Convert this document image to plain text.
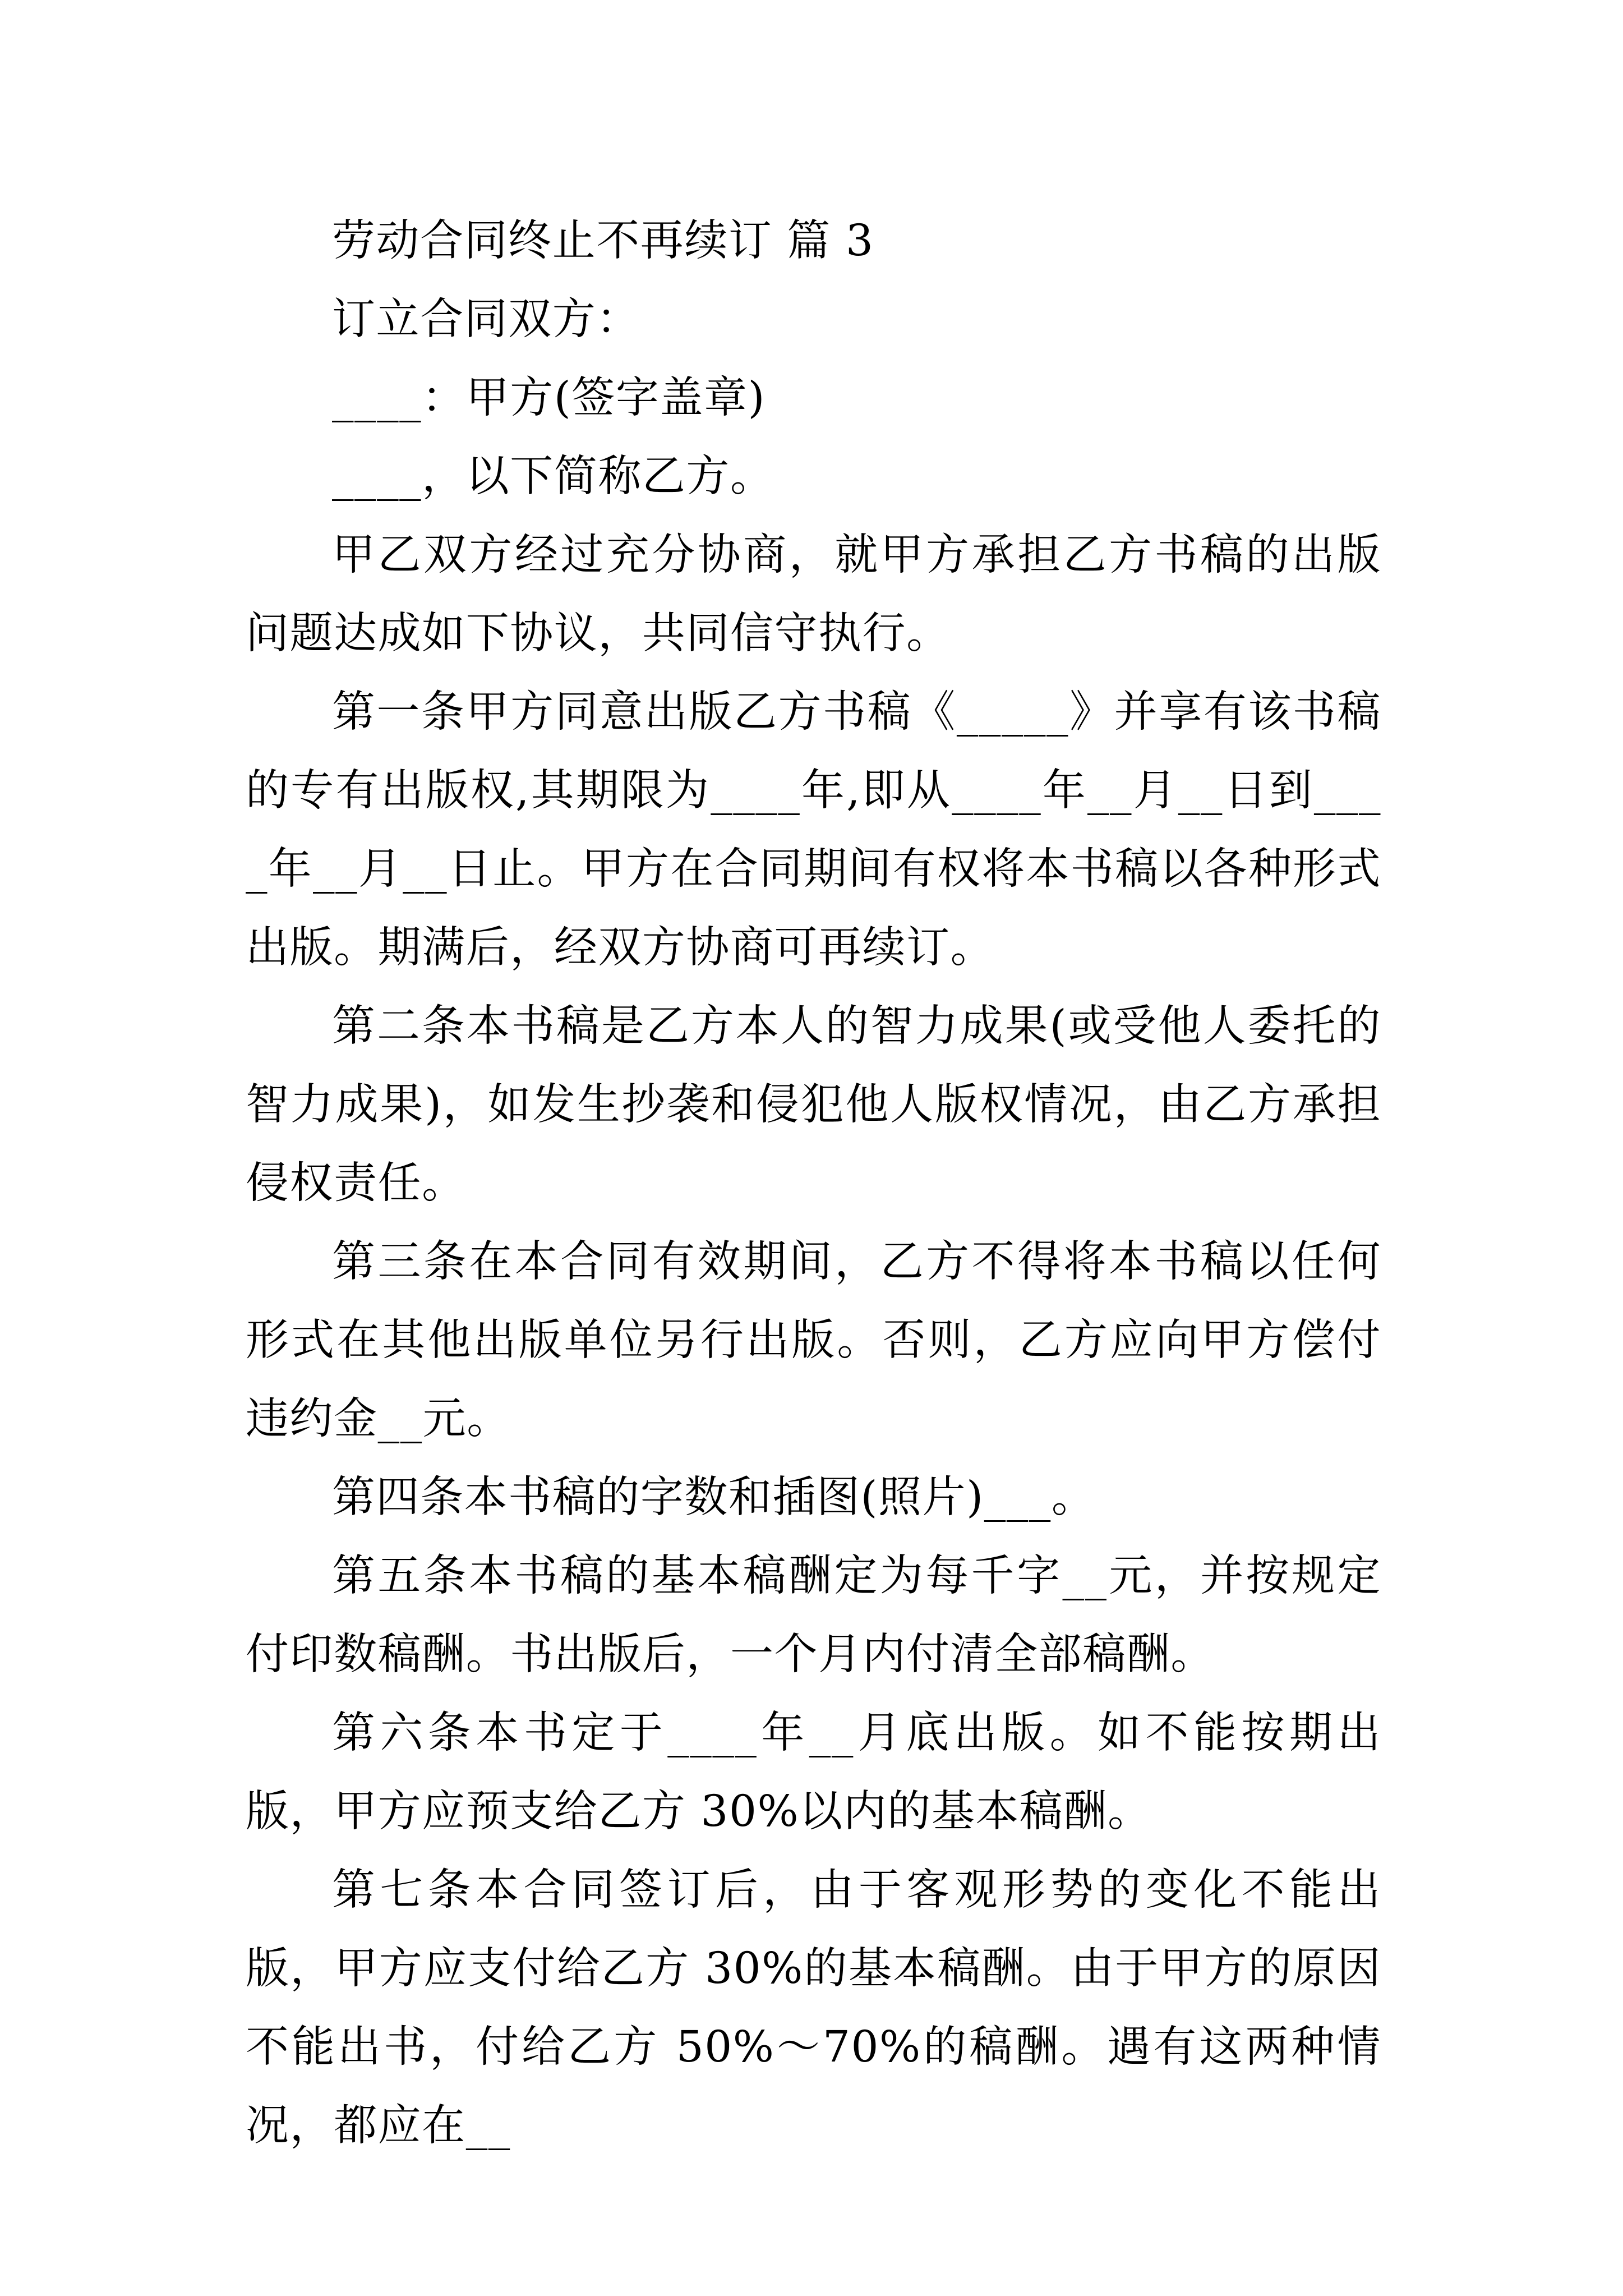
劳动合同终止不再续订 篇 3

订立合同双方：

____：甲方(签字盖章)

____，以下简称乙方。

甲乙双方经过充分协商，就甲方承担乙方书稿的出版问题达成如下协议，共同信守执行。

第一条甲方同意出版乙方书稿《_____》并享有该书稿的专有出版权,其期限为____年,即从____年__月__日到____年__月__日止。甲方在合同期间有权将本书稿以各种形式出版。期满后，经双方协商可再续订。

第二条本书稿是乙方本人的智力成果(或受他人委托的智力成果)，如发生抄袭和侵犯他人版权情况，由乙方承担侵权责任。

第三条在本合同有效期间，乙方不得将本书稿以任何形式在其他出版单位另行出版。否则，乙方应向甲方偿付违约金__元。

第四条本书稿的字数和插图(照片)___。

第五条本书稿的基本稿酬定为每千字__元，并按规定付印数稿酬。书出版后，一个月内付清全部稿酬。

第六条本书定于____年__月底出版。如不能按期出版，甲方应预支给乙方 30%以内的基本稿酬。

第七条本合同签订后，由于客观形势的变化不能出版，甲方应支付给乙方 30%的基本稿酬。由于甲方的原因不能出书，付给乙方 50%～70%的稿酬。遇有这两种情况，都应在__
